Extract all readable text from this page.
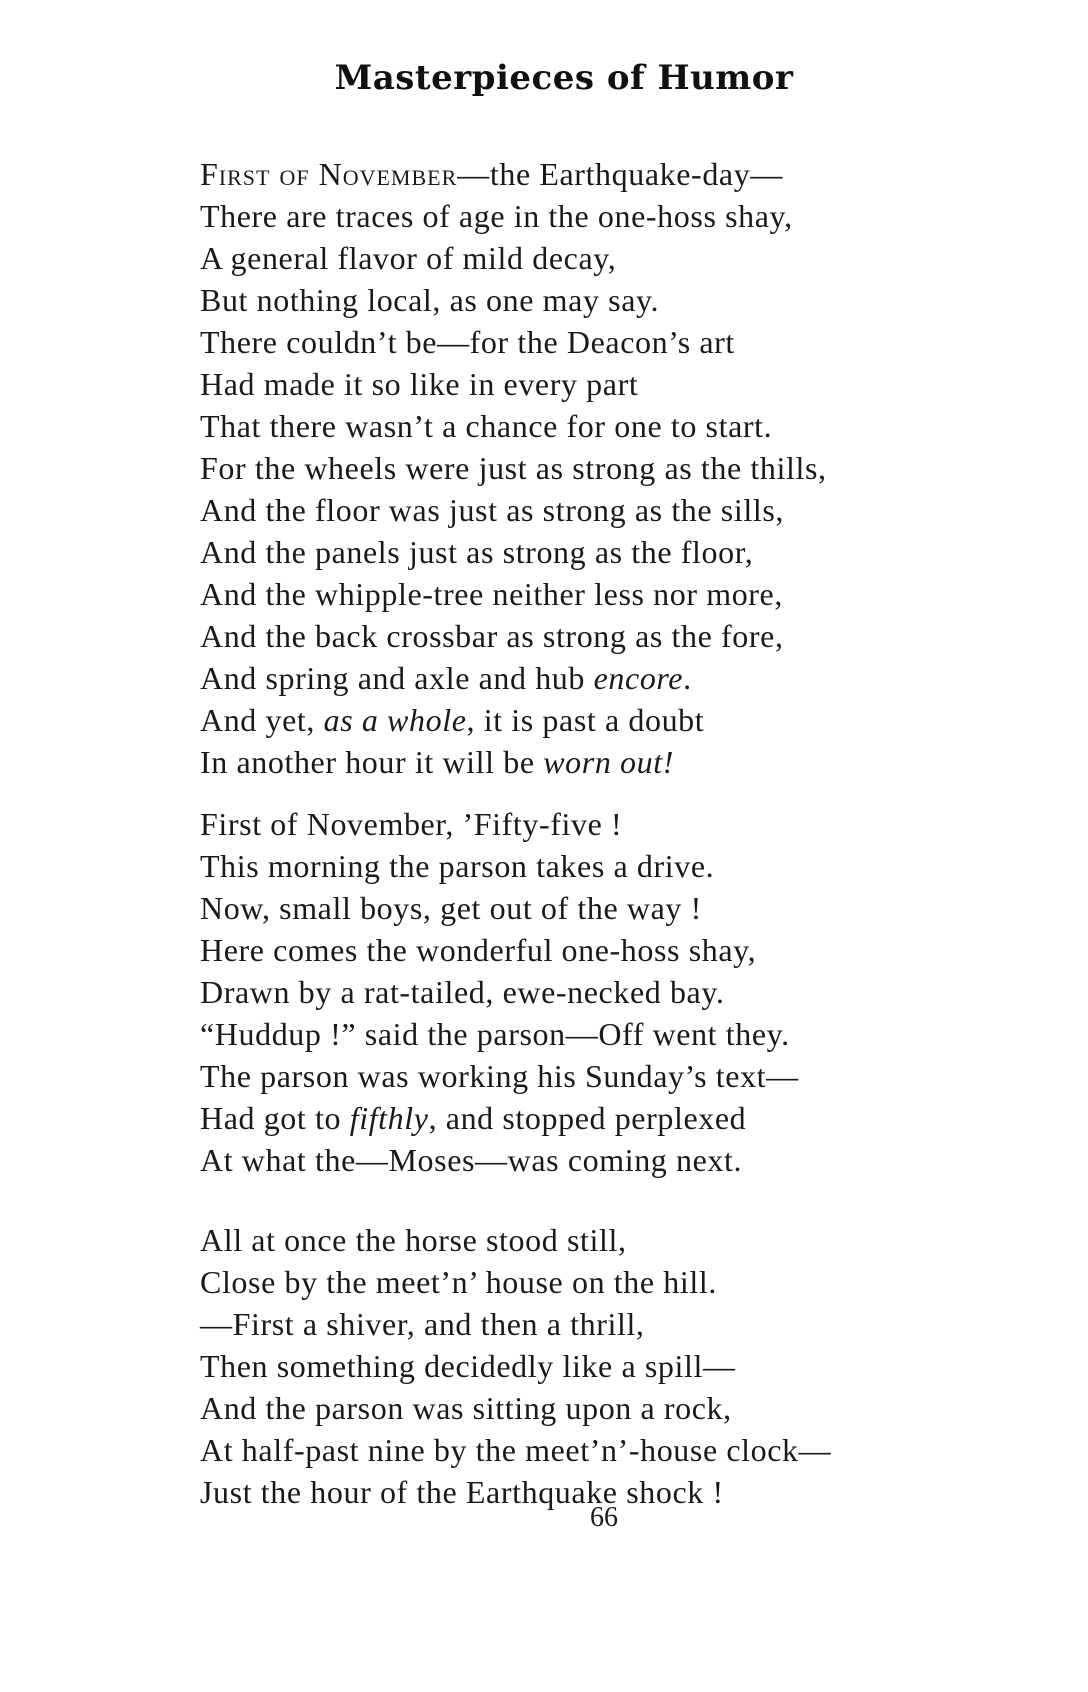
Masterpieces of Humor
First of November—the Earthquake-day—
There are traces of age in the one-hoss shay,
A general flavor of mild decay,
But nothing local, as one may say.
There couldn’t be—for the Deacon’s art
Had made it so like in every part
That there wasn’t a chance for one to start.
For the wheels were just as strong as the thills,
And the floor was just as strong as the sills,
And the panels just as strong as the floor,
And the whipple-tree neither less nor more,
And the back crossbar as strong as the fore,
And spring and axle and hub encore.
And yet, as a whole, it is past a doubt
In another hour it will be worn out!
First of November, ’Fifty-five !
This morning the parson takes a drive.
Now, small boys, get out of the way !
Here comes the wonderful one-hoss shay,
Drawn by a rat-tailed, ewe-necked bay.
“Huddup !” said the parson—Off went they.
The parson was working his Sunday’s text—
Had got to fifthly, and stopped perplexed
At what the—Moses—was coming next.
All at once the horse stood still,
Close by the meet’n’ house on the hill.
—First a shiver, and then a thrill,
Then something decidedly like a spill—
And the parson was sitting upon a rock,
At half-past nine by the meet’n’-house clock—
Just the hour of the Earthquake shock !
66
